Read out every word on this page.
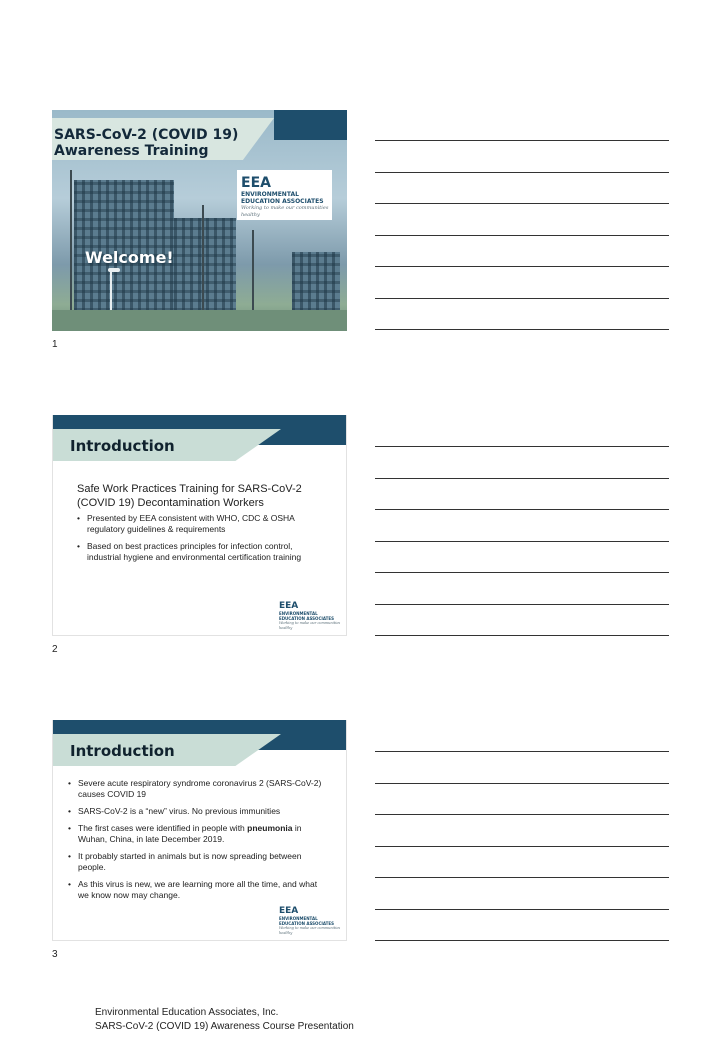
SARS-CoV-2 (COVID 19)
Awareness Training
EEA
ENVIRONMENTAL
EDUCATION ASSOCIATES
Working to make our communities healthy
Welcome!
1
Introduction
Safe Work Practices Training for SARS-CoV-2 (COVID 19) Decontamination Workers
• Presented by EEA consistent with WHO, CDC & OSHA regulatory guidelines & requirements
• Based on best practices principles for infection control, industrial hygiene and environmental certification training
EEA
ENVIRONMENTAL
EDUCATION ASSOCIATES
Working to make our communities healthy
2
Introduction
• Severe acute respiratory syndrome coronavirus 2 (SARS-CoV-2) causes COVID 19
• SARS-CoV-2 is a “new” virus. No previous immunities
• The first cases were identified in people with pneumonia in Wuhan, China, in late December 2019.
• It probably started in animals but is now spreading between people.
• As this virus is new, we are learning more all the time, and what we know now may change.
EEA
ENVIRONMENTAL
EDUCATION ASSOCIATES
Working to make our communities healthy
3
Environmental Education Associates, Inc.
SARS-CoV-2 (COVID 19) Awareness Course Presentation
